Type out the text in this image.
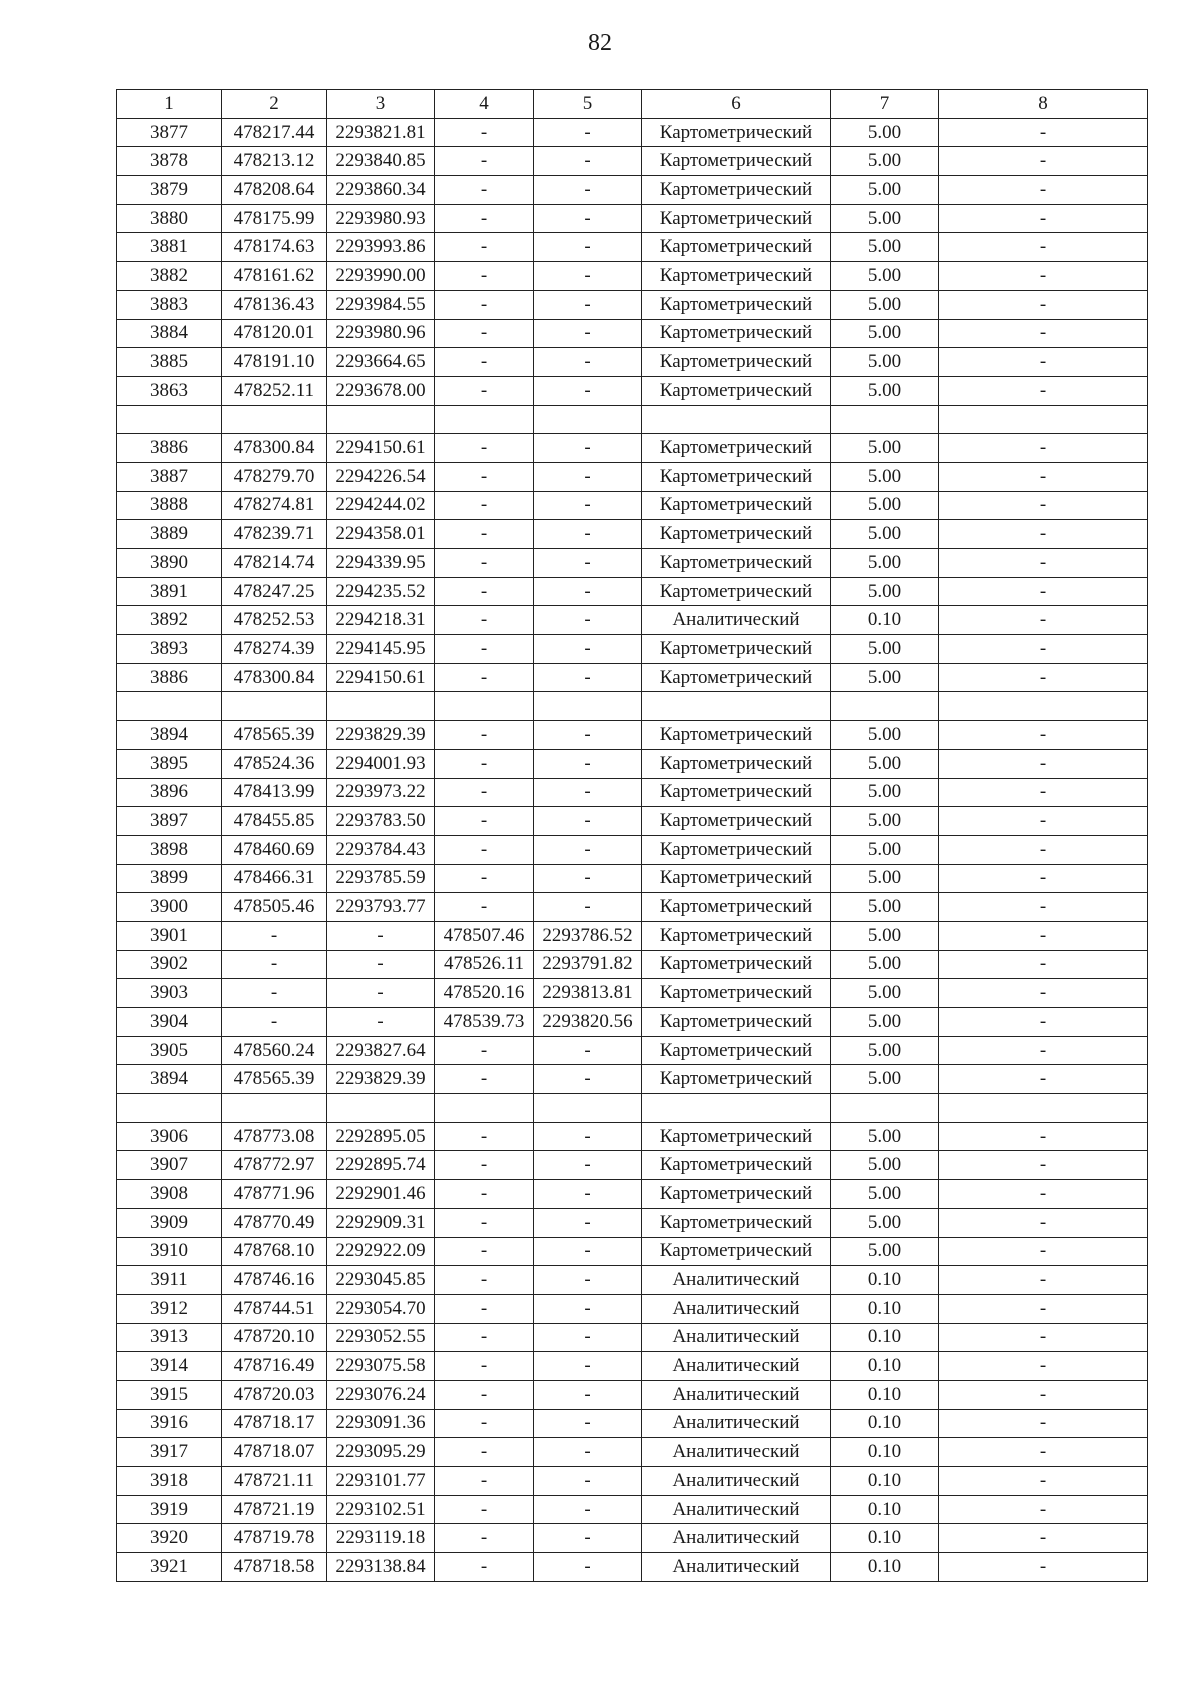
82
1	2	3	4	5	6	7	8
3877	478217.44	2293821.81	-	-	Картометрический	5.00	-
3878	478213.12	2293840.85	-	-	Картометрический	5.00	-
3879	478208.64	2293860.34	-	-	Картометрический	5.00	-
3880	478175.99	2293980.93	-	-	Картометрический	5.00	-
3881	478174.63	2293993.86	-	-	Картометрический	5.00	-
3882	478161.62	2293990.00	-	-	Картометрический	5.00	-
3883	478136.43	2293984.55	-	-	Картометрический	5.00	-
3884	478120.01	2293980.96	-	-	Картометрический	5.00	-
3885	478191.10	2293664.65	-	-	Картометрический	5.00	-
3863	478252.11	2293678.00	-	-	Картометрический	5.00	-

3886	478300.84	2294150.61	-	-	Картометрический	5.00	-
3887	478279.70	2294226.54	-	-	Картометрический	5.00	-
3888	478274.81	2294244.02	-	-	Картометрический	5.00	-
3889	478239.71	2294358.01	-	-	Картометрический	5.00	-
3890	478214.74	2294339.95	-	-	Картометрический	5.00	-
3891	478247.25	2294235.52	-	-	Картометрический	5.00	-
3892	478252.53	2294218.31	-	-	Аналитический	0.10	-
3893	478274.39	2294145.95	-	-	Картометрический	5.00	-
3886	478300.84	2294150.61	-	-	Картометрический	5.00	-

3894	478565.39	2293829.39	-	-	Картометрический	5.00	-
3895	478524.36	2294001.93	-	-	Картометрический	5.00	-
3896	478413.99	2293973.22	-	-	Картометрический	5.00	-
3897	478455.85	2293783.50	-	-	Картометрический	5.00	-
3898	478460.69	2293784.43	-	-	Картометрический	5.00	-
3899	478466.31	2293785.59	-	-	Картометрический	5.00	-
3900	478505.46	2293793.77	-	-	Картометрический	5.00	-
3901	-	-	478507.46	2293786.52	Картометрический	5.00	-
3902	-	-	478526.11	2293791.82	Картометрический	5.00	-
3903	-	-	478520.16	2293813.81	Картометрический	5.00	-
3904	-	-	478539.73	2293820.56	Картометрический	5.00	-
3905	478560.24	2293827.64	-	-	Картометрический	5.00	-
3894	478565.39	2293829.39	-	-	Картометрический	5.00	-

3906	478773.08	2292895.05	-	-	Картометрический	5.00	-
3907	478772.97	2292895.74	-	-	Картометрический	5.00	-
3908	478771.96	2292901.46	-	-	Картометрический	5.00	-
3909	478770.49	2292909.31	-	-	Картометрический	5.00	-
3910	478768.10	2292922.09	-	-	Картометрический	5.00	-
3911	478746.16	2293045.85	-	-	Аналитический	0.10	-
3912	478744.51	2293054.70	-	-	Аналитический	0.10	-
3913	478720.10	2293052.55	-	-	Аналитический	0.10	-
3914	478716.49	2293075.58	-	-	Аналитический	0.10	-
3915	478720.03	2293076.24	-	-	Аналитический	0.10	-
3916	478718.17	2293091.36	-	-	Аналитический	0.10	-
3917	478718.07	2293095.29	-	-	Аналитический	0.10	-
3918	478721.11	2293101.77	-	-	Аналитический	0.10	-
3919	478721.19	2293102.51	-	-	Аналитический	0.10	-
3920	478719.78	2293119.18	-	-	Аналитический	0.10	-
3921	478718.58	2293138.84	-	-	Аналитический	0.10	-
